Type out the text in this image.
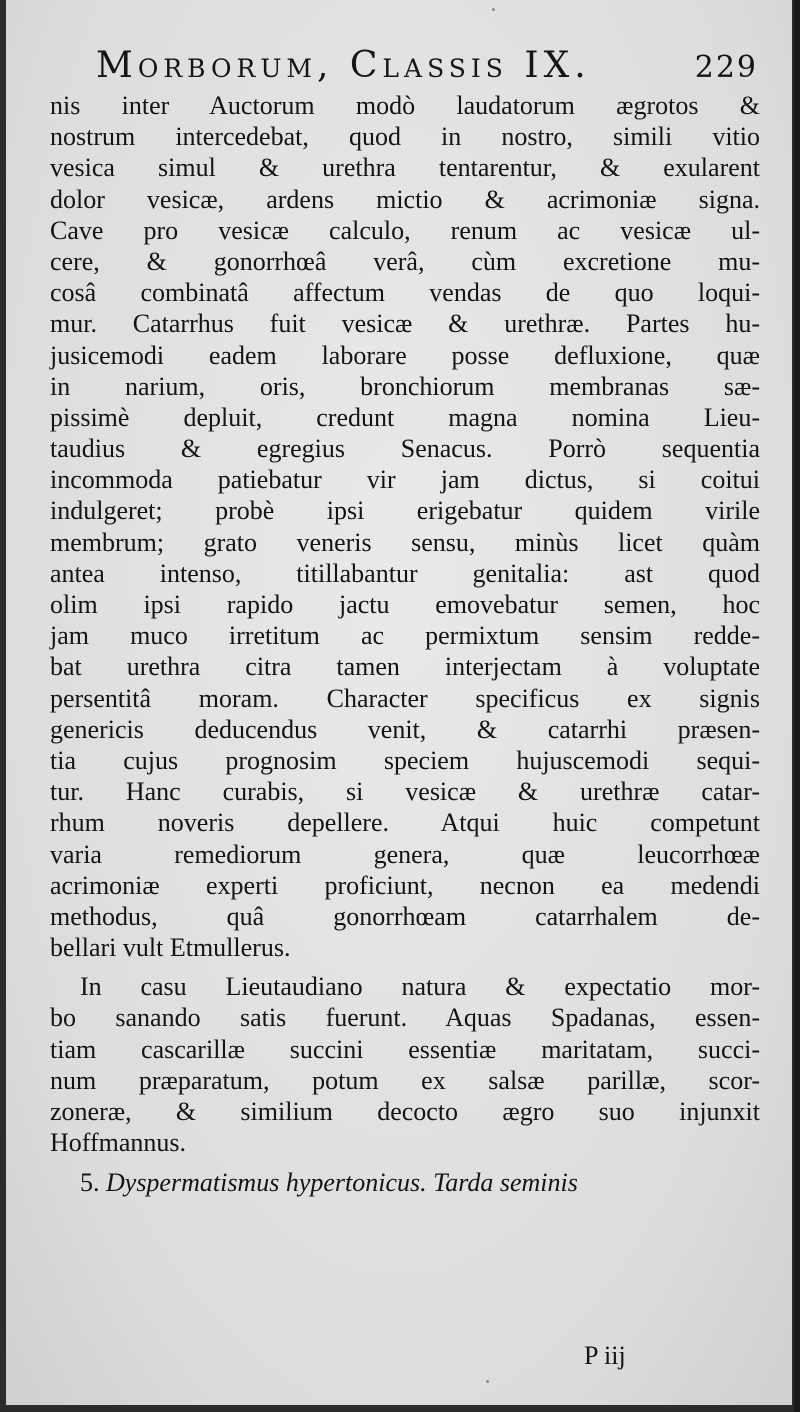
Morborum, Classis IX.	229
nis inter Auctorum modò laudatorum ægrotos &
nostrum intercedebat, quod in nostro, simili vitio
vesica simul & urethra tentarentur, & exularent
dolor vesicæ, ardens mictio & acrimoniæ signa.
Cave pro vesicæ calculo, renum ac vesicæ ul-
cere, & gonorrhœâ verâ, cùm excretione mu-
cosâ combinatâ affectum vendas de quo loqui-
mur. Catarrhus fuit vesicæ & urethræ. Partes hu-
jusicemodi eadem laborare posse defluxione, quæ
in narium, oris, bronchiorum membranas sæ-
pissimè depluit, credunt magna nomina Lieu-
taudius & egregius Senacus. Porrò sequentia
incommoda patiebatur vir jam dictus, si coitui
indulgeret; probè ipsi erigebatur quidem virile
membrum; grato veneris sensu, minùs licet quàm
antea intenso, titillabantur genitalia: ast quod
olim ipsi rapido jactu emovebatur semen, hoc
jam muco irretitum ac permixtum sensim redde-
bat urethra citra tamen interjectam à voluptate
persentitâ moram. Character specificus ex signis
genericis deducendus venit, & catarrhi præsen-
tia cujus prognosim speciem hujuscemodi sequi-
tur. Hanc curabis, si vesicæ & urethræ catar-
rhum noveris depellere. Atqui huic competunt
varia remediorum genera, quæ leucorrhœæ
acrimoniæ experti proficiunt, necnon ea medendi
methodus, quâ gonorrhœam catarrhalem de-
bellari vult Etmullerus.
In casu Lieutaudiano natura & expectatio mor-
bo sanando satis fuerunt. Aquas Spadanas, essen-
tiam cascarillæ succini essentiæ maritatam, succi-
num præparatum, potum ex salsæ parillæ, scor-
zoneræ, & similium decocto ægro suo injunxit
Hoffmannus.
5. Dyspermatismus hypertonicus. Tarda seminis
P iij
